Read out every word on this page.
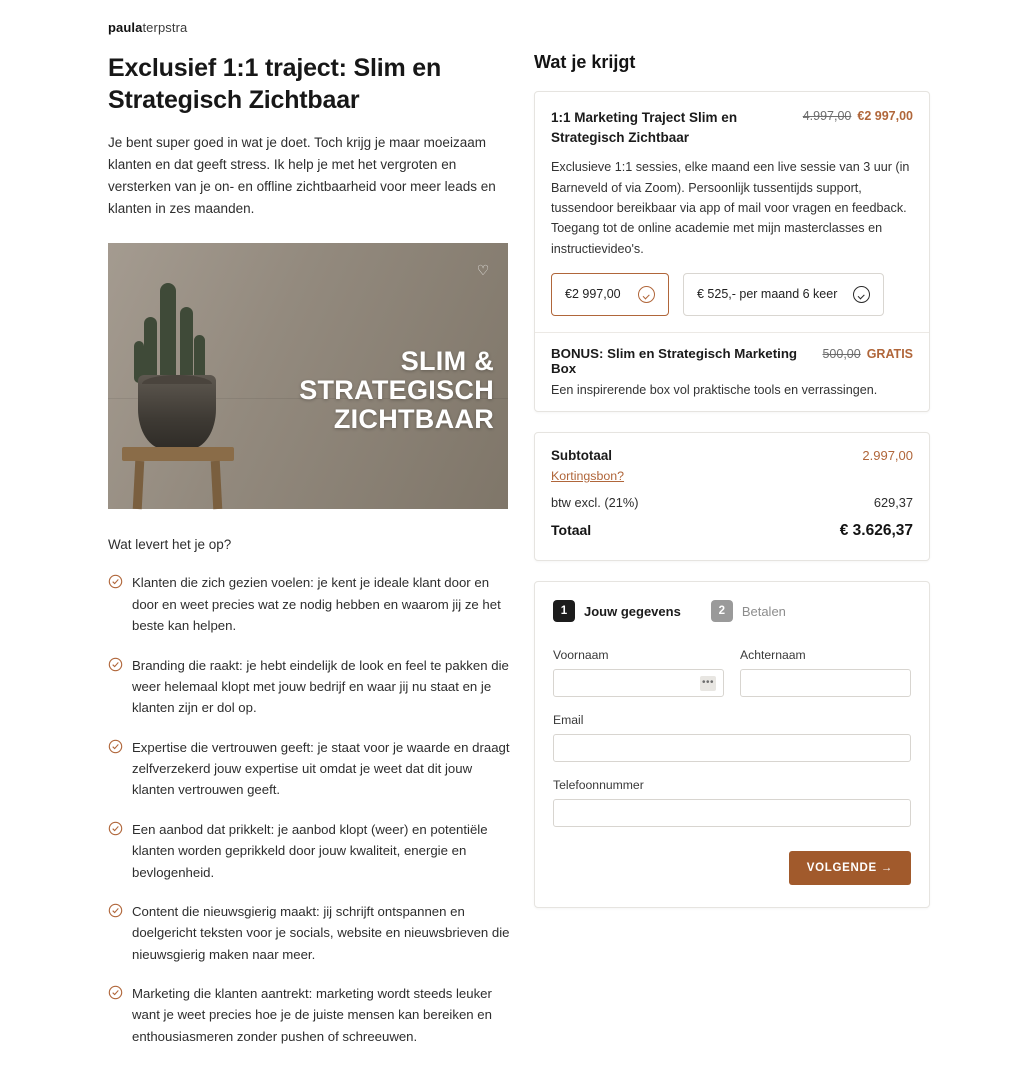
paulaterpstra
Exclusief 1:1 traject: Slim en Strategisch Zichtbaar

Je bent super goed in wat je doet. Toch krijg je maar moeizaam klanten en dat geeft stress. Ik help je met het vergroten en versterken van je on- en offline zichtbaarheid voor meer leads en klanten in zes maanden.

♡
SLIM &
STRATEGISCH
ZICHTBAAR
Wat levert het je op?
Klanten die zich gezien voelen: je kent je ideale klant door en door en weet precies wat ze nodig hebben en waarom jij ze het beste kan helpen.
Branding die raakt: je hebt eindelijk de look en feel te pakken die weer helemaal klopt met jouw bedrijf en waar jij nu staat en je klanten zijn er dol op.
Expertise die vertrouwen geeft: je staat voor je waarde en draagt zelfverzekerd jouw expertise uit omdat je weet dat dit jouw klanten vertrouwen geeft.
Een aanbod dat prikkelt: je aanbod klopt (weer) en potentiële klanten worden geprikkeld door jouw kwaliteit, energie en bevlogenheid.
Content die nieuwsgierig maakt: jij schrijft ontspannen en doelgericht teksten voor je socials, website en nieuwsbrieven die nieuwsgierig maken naar meer.
Marketing die klanten aantrekt: marketing wordt steeds leuker want je weet precies hoe je de juiste mensen kan bereiken en enthousiasmeren zonder pushen of schreeuwen.
Wat je krijgt
1:1 Marketing Traject Slim en Strategisch Zichtbaar
4.997,00 €2 997,00
Exclusieve 1:1 sessies, elke maand een live sessie van 3 uur (in Barneveld of via Zoom). Persoonlijk tussentijds support, tussendoor bereikbaar via app of mail voor vragen en feedback. Toegang tot de online academie met mijn masterclasses en instructievideo's.
€2 997,00	€ 525,- per maand 6 keer
BONUS: Slim en Strategisch Marketing Box
500,00 GRATIS
Een inspirerende box vol praktische tools en verrassingen.
Subtotaal	2.997,00
Kortingsbon?
btw excl. (21%)	629,37
Totaal	€ 3.626,37
1	Jouw gegevens	2	Betalen
Voornaam
•••
Achternaam
Email
Telefoonnummer
VOLGENDE →
